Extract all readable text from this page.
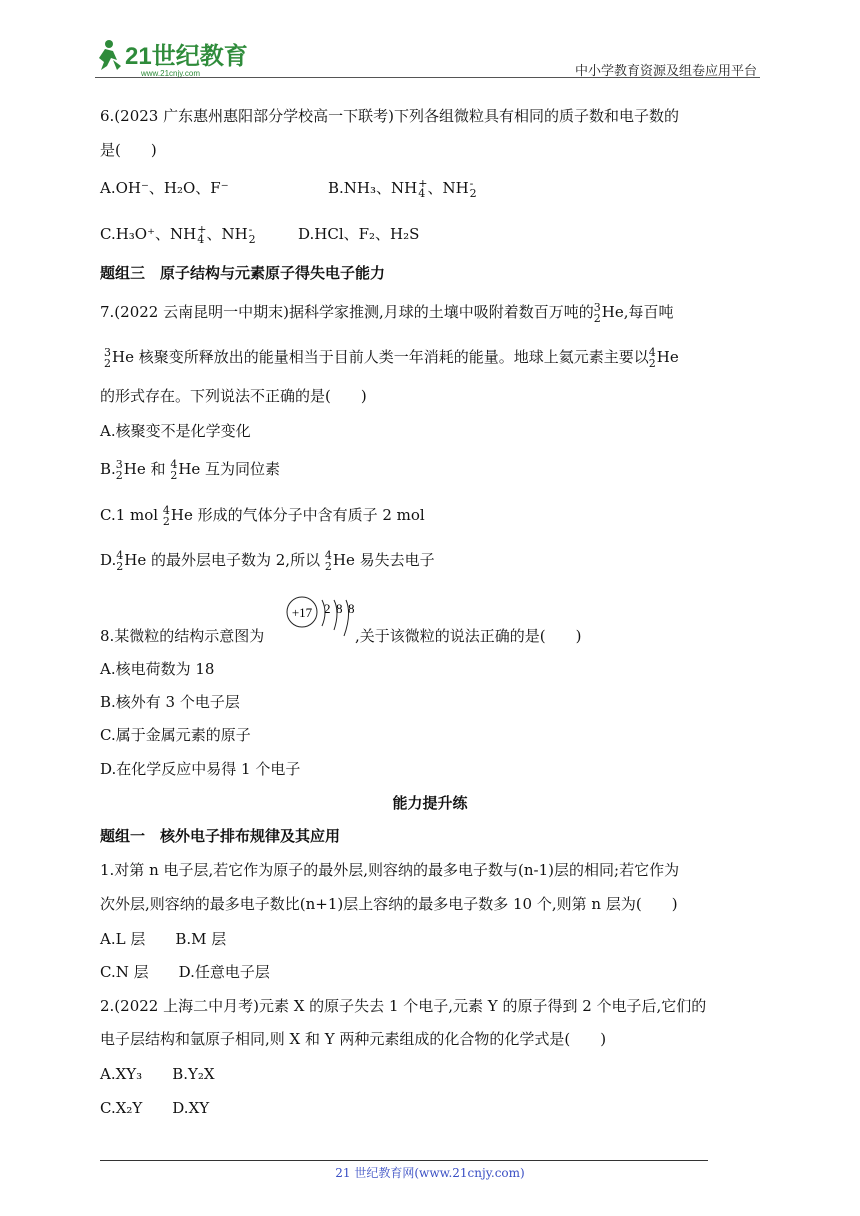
21世纪教育
www.21cnjy.com	中小学教育资源及组卷应用平台
6.(2023 广东惠州惠阳部分学校高一下联考)下列各组微粒具有相同的质子数和电子数的
是(　　)
A.OH⁻、H₂O、F⁻	B.NH₃、NH +
4 、NH -
2
C.H₃O⁺、NH +
4 、NH -
2	D.HCl、F₂、H₂S
题组三　原子结构与元素原子得失电子能力
7.(2022 云南昆明一中期末)据科学家推测,月球的土壤中吸附着数百万吨的 3
2 He,每百吨
3
2 He 核聚变所释放出的能量相当于目前人类一年消耗的能量。地球上氦元素主要以 4
2 He
的形式存在。下列说法不正确的是(　　)
A.核聚变不是化学变化
B. 3
2 He 和 4
2 He 互为同位素
C.1 mol 4
2 He 形成的气体分子中含有质子 2 mol
D. 4
2 He 的最外层电子数为 2,所以 4
2 He 易失去电子
8.某微粒的结构示意图为
+17 2 8 8
,关于该微粒的说法正确的是(　　)
A.核电荷数为 18
B.核外有 3 个电子层
C.属于金属元素的原子
D.在化学反应中易得 1 个电子
能力提升练
题组一　核外电子排布规律及其应用
1.对第 n 电子层,若它作为原子的最外层,则容纳的最多电子数与(n-1)层的相同;若它作为
次外层,则容纳的最多电子数比(n+1)层上容纳的最多电子数多 10 个,则第 n 层为(　　)
A.L 层　　B.M 层
C.N 层　　D.任意电子层
2.(2022 上海二中月考)元素 X 的原子失去 1 个电子,元素 Y 的原子得到 2 个电子后,它们的
电子层结构和氩原子相同,则 X 和 Y 两种元素组成的化合物的化学式是(　　)
A.XY₃　　B.Y₂X
C.X₂Y　　D.XY
21 世纪教育网(www.21cnjy.com)
